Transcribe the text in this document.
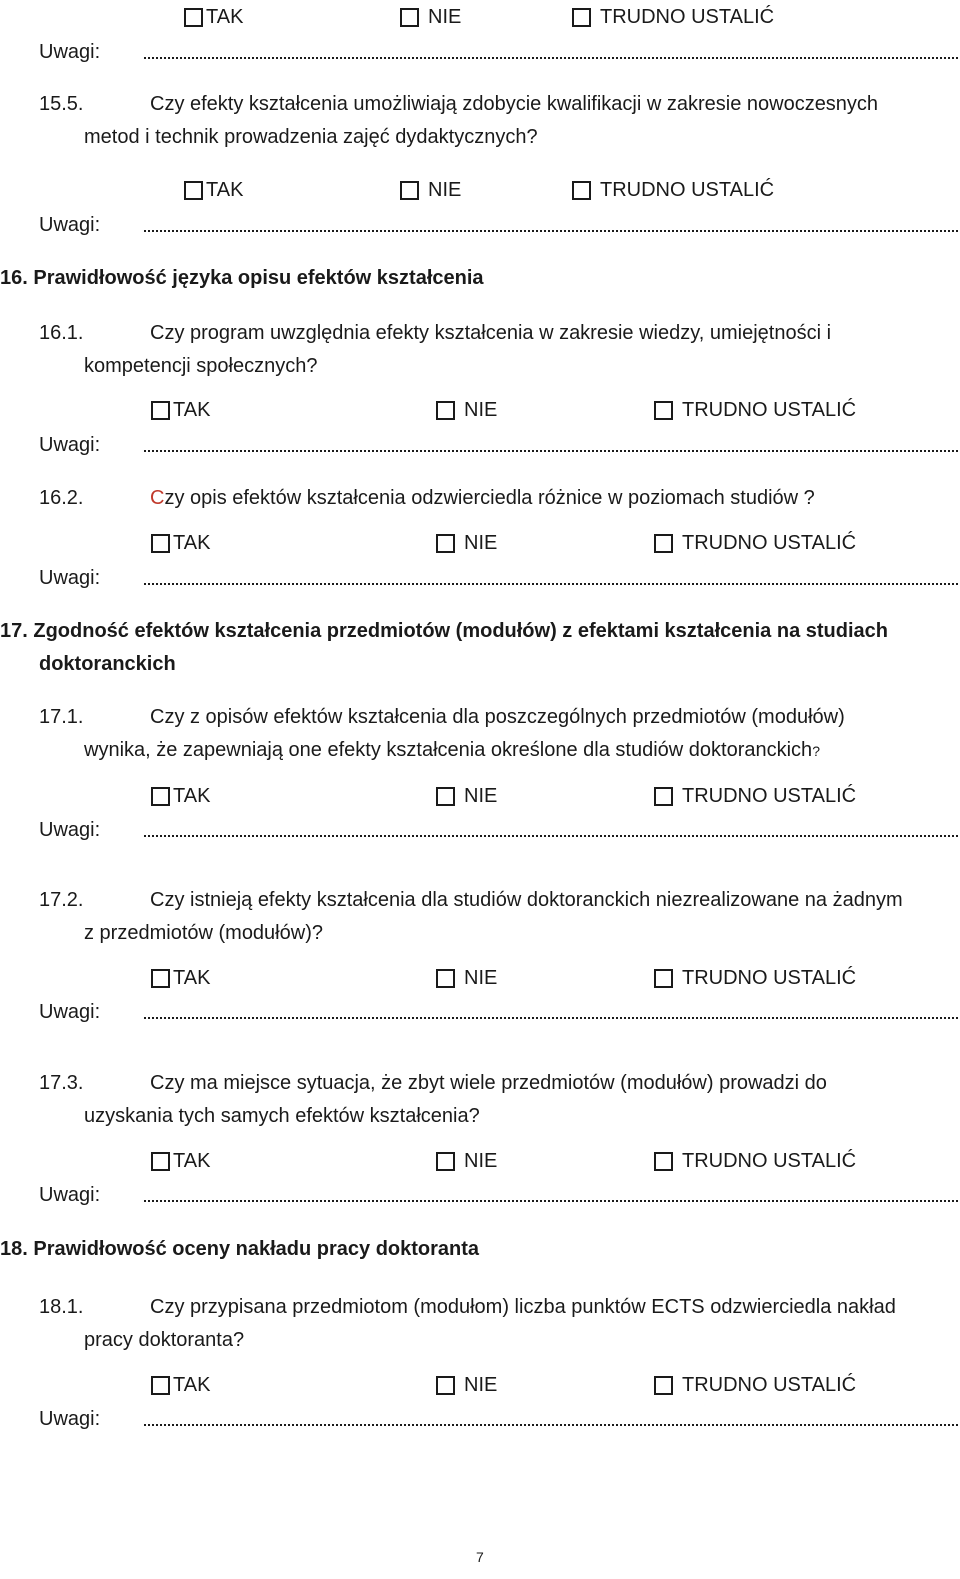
TAK	NIE	TRUDNO USTALIĆ
Uwagi:
15.5.	Czy efekty kształcenia umożliwiają zdobycie kwalifikacji w zakresie nowoczesnych
metod i technik prowadzenia zajęć dydaktycznych?
TAK	NIE	TRUDNO USTALIĆ
Uwagi:
16. Prawidłowość języka opisu efektów kształcenia
16.1.	Czy program uwzględnia efekty kształcenia w zakresie wiedzy, umiejętności i
kompetencji społecznych?
TAK	NIE	TRUDNO USTALIĆ
Uwagi:
16.2.	Czy opis efektów kształcenia odzwierciedla różnice w poziomach studiów ?
TAK	NIE	TRUDNO USTALIĆ
Uwagi:
17. Zgodność efektów kształcenia przedmiotów (modułów) z efektami kształcenia na studiach
doktoranckich
17.1.	Czy z opisów efektów kształcenia dla poszczególnych przedmiotów (modułów)
wynika, że zapewniają one efekty kształcenia określone dla studiów doktoranckich?
TAK	NIE	TRUDNO USTALIĆ
Uwagi:
17.2.	Czy istnieją efekty kształcenia dla studiów doktoranckich niezrealizowane na żadnym
z przedmiotów (modułów)?
TAK	NIE	TRUDNO USTALIĆ
Uwagi:
17.3.	Czy ma miejsce sytuacja, że zbyt wiele przedmiotów (modułów) prowadzi do
uzyskania tych samych efektów kształcenia?
TAK	NIE	TRUDNO USTALIĆ
Uwagi:
18. Prawidłowość oceny nakładu pracy doktoranta
18.1.	Czy przypisana przedmiotom (modułom) liczba punktów ECTS odzwierciedla nakład
pracy doktoranta?
TAK	NIE	TRUDNO USTALIĆ
Uwagi:
7
